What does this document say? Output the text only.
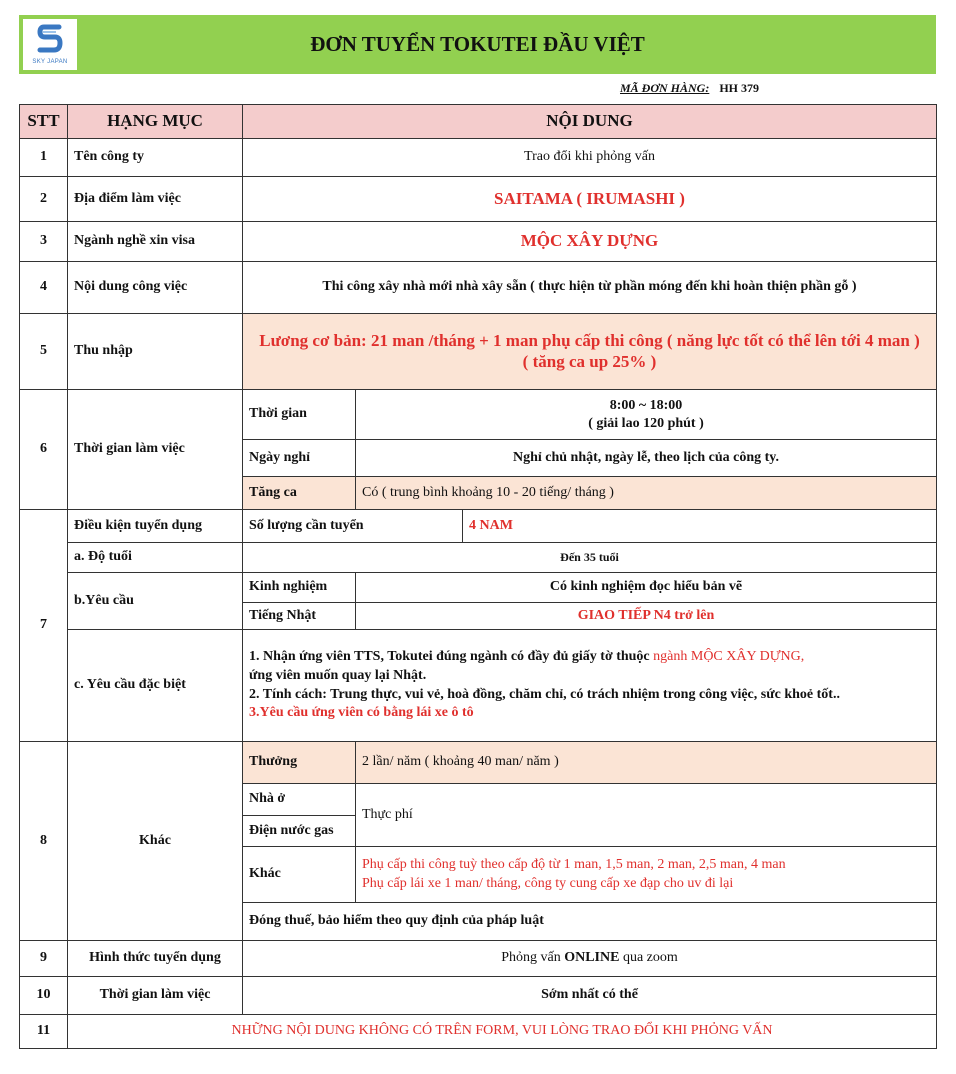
SKY JAPAN
ĐƠN TUYỂN TOKUTEI ĐẦU VIỆT
MÃ ĐƠN HÀNG: HH 379
STT	HẠNG MỤC	NỘI DUNG		
1	Tên công ty	Trao đổi khi phỏng vấn		
2	Địa điểm làm việc	SAITAMA ( IRUMASHI )		
3	Ngành nghề xin visa	MỘC XÂY DỰNG		
4	Nội dung công việc	Thi công xây nhà mới nhà xây sẵn ( thực hiện từ phần móng đến khi hoàn thiện phần gỗ )		
5	Thu nhập	Lương cơ bản: 21 man /tháng + 1 man phụ cấp thi công ( năng lực tốt có thể lên tới 4 man )
( tăng ca up 25% )		

6	Thời gian làm việc	Thời gian	8:00 ~ 18:00
( giải lao 120 phút )	

		Ngày nghỉ	Nghỉ chủ nhật, ngày lễ, theo lịch của công ty.	
		Tăng ca	Có ( trung bình khoảng 10 - 20 tiếng/ tháng )	
7	Điều kiện tuyển dụng	Số lượng cần tuyển		4 NAM
	a. Độ tuổi	Đến 35 tuổi		
	b.Yêu cầu	Kinh nghiệm	Có kinh nghiệm đọc hiểu bản vẽ	
		Tiếng Nhật	GIAO TIẾP N4 trở lên	
	c. Yêu cầu đặc biệt	1. Nhận ứng viên TTS, Tokutei đúng ngành có đầy đủ giấy tờ thuộc ngành MỘC XÂY DỰNG,
ứng viên muốn quay lại Nhật.
2. Tính cách: Trung thực, vui vẻ, hoà đồng, chăm chỉ, có trách nhiệm trong công việc, sức khoẻ tốt..
3.Yêu cầu ứng viên có bằng lái xe ô tô		

8	Khác	Thưởng	2 lần/ năm ( khoảng 40 man/ năm )	
		Nhà ở	Thực phí	
		Điện nước gas		
		Khác	Phụ cấp thi công tuỳ theo cấp độ từ 1 man, 1,5 man, 2 man, 2,5 man, 4 man
Phụ cấp lái xe 1 man/ tháng, công ty cung cấp xe đạp cho uv đi lại	

		Đóng thuế, bảo hiểm theo quy định của pháp luật		
9	Hình thức tuyển dụng	Phỏng vấn ONLINE qua zoom		
10	Thời gian làm việc	Sớm nhất có thể		
11	NHỮNG NỘI DUNG KHÔNG CÓ TRÊN FORM, VUI LÒNG TRAO ĐỔI KHI PHỎNG VẤN			
